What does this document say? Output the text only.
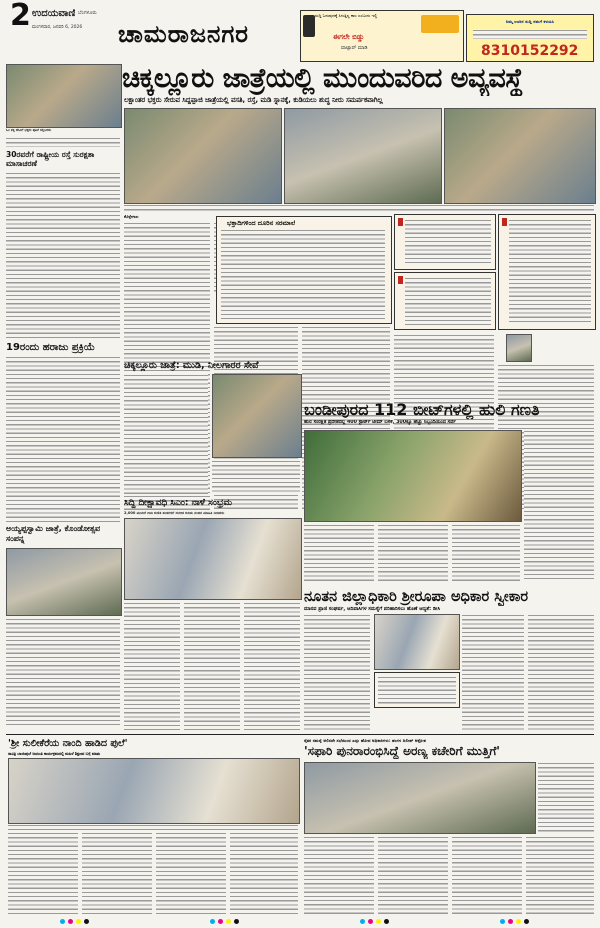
2 ಉದಯವಾಣಿ ಬೆಂಗಳೂರು
ಮಂಗಳವಾರ, ಜನವರಿ 6, 2026 ಚಾಮರಾಜನಗರ
ಸುದ್ದಿ ಓದುವುದಕ್ಕೆ ಸಿಗುತ್ತಿಲ್ಲ ಕಾಲ ಎಂಬುದು ಇಲ್ಲಿ
ಈಗಲೇ ಬಿಡ್ಡು
ವಾಟ್ಸಾಪ್ ಮಾಡಿ
ನಿಮ್ಮ ಊರಿನ ಸುದ್ದಿ ನಮಗೆ ಕಳುಹಿಸಿ
8310152292
ಓಂ ಶಕ್ತಿ ದೇವಿಗೆ ಭಕ್ತರು ಪೂಜೆ ಸಲ್ಲಿಸಿದರು
30ರವರೆಗೆ ರಾಷ್ಟ್ರೀಯ ರಸ್ತೆ ಸುರಕ್ಷತಾ ಮಾಸಾಚರಣೆ
19ರಂದು ಹರಾಜು ಪ್ರಕ್ರಿಯೆ
ಅಯ್ಯಪ್ಪಸ್ವಾಮಿ ಜಾತ್ರೆ, ಕೊಂಡೋತ್ಸವ ಸಂಪನ್ನ
ಚಿಕ್ಕಲ್ಲೂರು ಜಾತ್ರೆಯಲ್ಲಿ ಮುಂದುವರಿದ ಅವ್ಯವಸ್ಥೆ
ಲಕ್ಷಾಂತರ ಭಕ್ತರು ಸೇರುವ ಸಿದ್ದಪ್ಪಾಜಿ ಜಾತ್ರೆಯಲ್ಲಿ ವಸತಿ, ರಸ್ತೆ, ಮಡಿ ಸ್ನಾನಕ್ಕೆ, ಕುಡಿಯಲು ಶುದ್ಧ ನೀರು ಸಮರ್ಪಕವಾಗಿಲ್ಲ
ಕೊಳ್ಳೇಗಾಲ
ಭಕ್ತಾದಿಗಳಿಂದ ದೂರಿನ ಸರಮಾಲೆ
ಚಿಕ್ಕಲ್ಲೂರು ಜಾತ್ರೆ: ಮುಡಿ, ನೀಲಗಾರರ ಸೇವೆ
ಸಿದ್ದಿ ದೀಕ್ಷಾವಧಿ ಸಿಎಂ: ನಾಳೆ ಸಂಭ್ರಮ
2,000 ಮಂದಿಗೆ ಗಾಡಿ ಕುಣಿತ ತಂಡಗಳಿಗೆ ಸಂಗೀತ ಕುರಿತು ನಂಬಿರ ಮಾಹಿತಿ ನೀಡಿದರು
ಬಂಡೀಪುರದ 112 ಬೀಟ್‌ಗಳಲ್ಲಿ ಹುಲಿ ಗಣತಿ
ಹುಲಿ ಸಂರಕ್ಷಿತ ಪ್ರದೇಶದಲ್ಲಿ 400 ಸ್ಟಾರ್ಟ್ ಟೀಮ್ ಬಳಕೆ, 300ಕ್ಕೂ ಹೆಚ್ಚು ಸಿಬ್ಬಂದಿಯಿಂದ ಸರ್ವೆ
ನೂತನ ಜಿಲ್ಲಾಧಿಕಾರಿ ಶ್ರೀರೂಪಾ ಅಧಿಕಾರ ಸ್ವೀಕಾರ
ಮಾನವ ಪ್ರಾಣಿ ಸಂಘರ್ಷ, ಆದಿವಾಸಿಗಳ ಸಮಸ್ಯೆಗೆ ಪರಿಹಾರಿಸಲು ಹೊಣೆ ಆದ್ಯತೆ: ಡೀಸಿ
'ಶ್ರೀ ಸುಲೀಕೆರೆಯ ನಾಂದಿ ಹಾಡಿದ ಪುಲೆ'
ಸಾವಿತ್ರಿ ಬಾಯಿಪುಲೆ ಜಯಂತಿ ಕಾರ್ಯಕ್ರಮದಲ್ಲಿ ಮಹಿಳೆ ಶಿಕ್ಷಣದ ಬಗ್ಗೆ ಮಾತು
ರೈತರ ಸಮಸ್ಯೆ ಆಲಿಸದೇ ಸಭೆಯಿಂದ ಎದ್ದು ಹೋದ ಅಧಿಕಾರಿಗಳು: ಹಂಗಳ ದಿಲೀಪ್ ಆಕ್ರೋಶ
'ಸಫಾರಿ ಪುನರಾರಂಭಿಸಿದ್ದೆ ಅರಣ್ಯ ಕಚೇರಿಗೆ ಮುತ್ತಿಗೆ'
